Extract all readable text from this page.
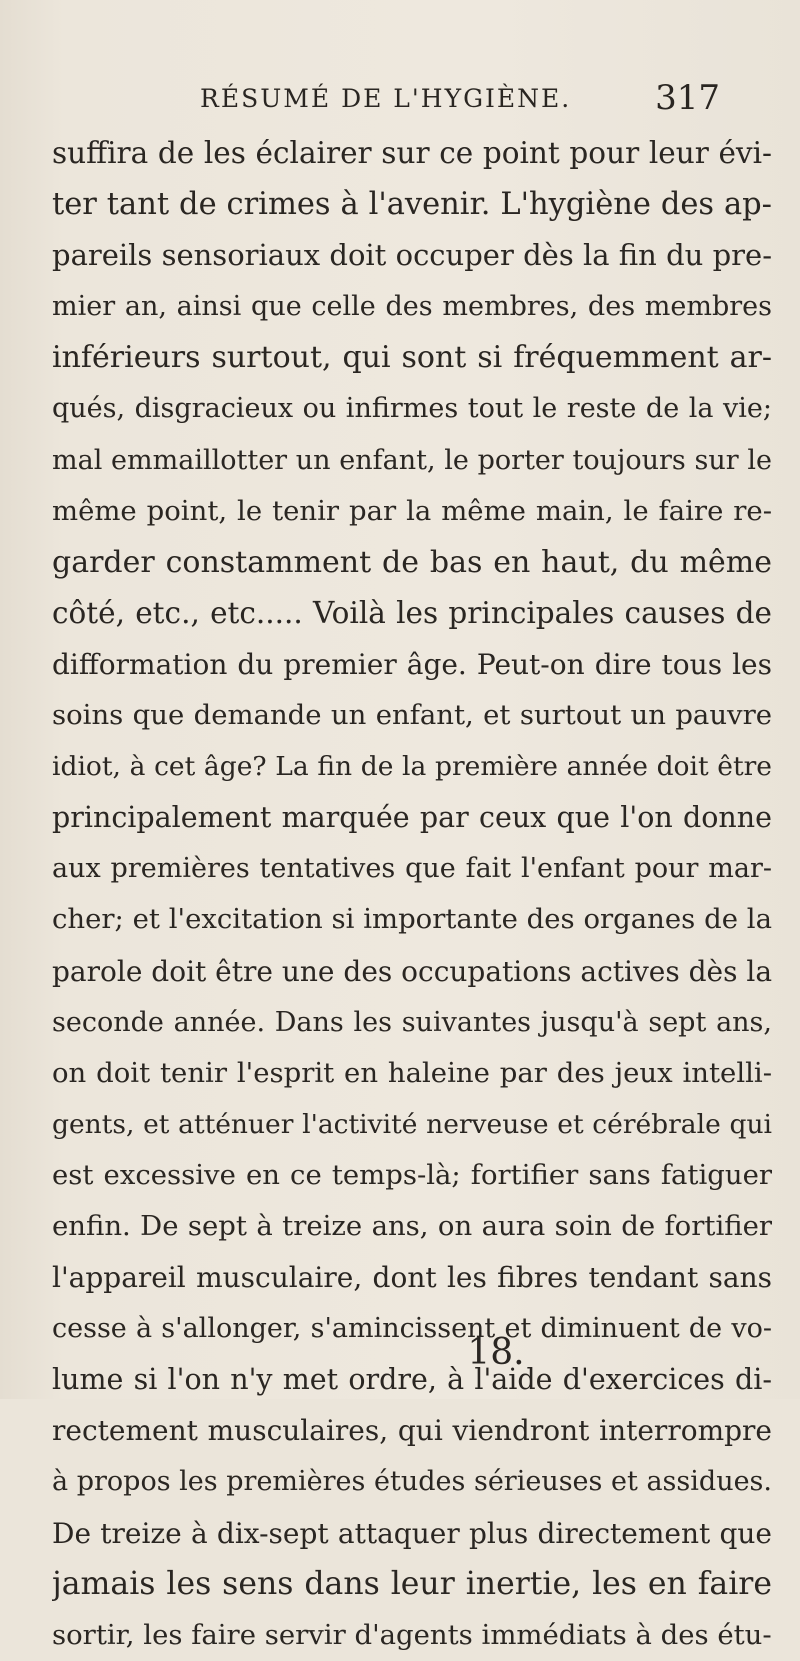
RÉSUMÉ DE L'HYGIÈNE. 317
suffira de les éclairer sur ce point pour leur évi-
ter tant de crimes à l'avenir. L'hygiène des ap-
pareils sensoriaux doit occuper dès la fin du pre-
mier an, ainsi que celle des membres, des membres
inférieurs surtout, qui sont si fréquemment ar-
qués, disgracieux ou infirmes tout le reste de la vie;
mal emmaillotter un enfant, le porter toujours sur le
même point, le tenir par la même main, le faire re-
garder constamment de bas en haut, du même
côté, etc., etc..... Voilà les principales causes de
difformation du premier âge. Peut-on dire tous les
soins que demande un enfant, et surtout un pauvre
idiot, à cet âge? La fin de la première année doit être
principalement marquée par ceux que l'on donne
aux premières tentatives que fait l'enfant pour mar-
cher; et l'excitation si importante des organes de la
parole doit être une des occupations actives dès la
seconde année. Dans les suivantes jusqu'à sept ans,
on doit tenir l'esprit en haleine par des jeux intelli-
gents, et atténuer l'activité nerveuse et cérébrale qui
est excessive en ce temps-là; fortifier sans fatiguer
enfin. De sept à treize ans, on aura soin de fortifier
l'appareil musculaire, dont les fibres tendant sans
cesse à s'allonger, s'amincissent et diminuent de vo-
lume si l'on n'y met ordre, à l'aide d'exercices di-
rectement musculaires, qui viendront interrompre
à propos les premières études sérieuses et assidues.
De treize à dix-sept attaquer plus directement que
jamais les sens dans leur inertie, les en faire
sortir, les faire servir d'agents immédiats à des étu-
18.
